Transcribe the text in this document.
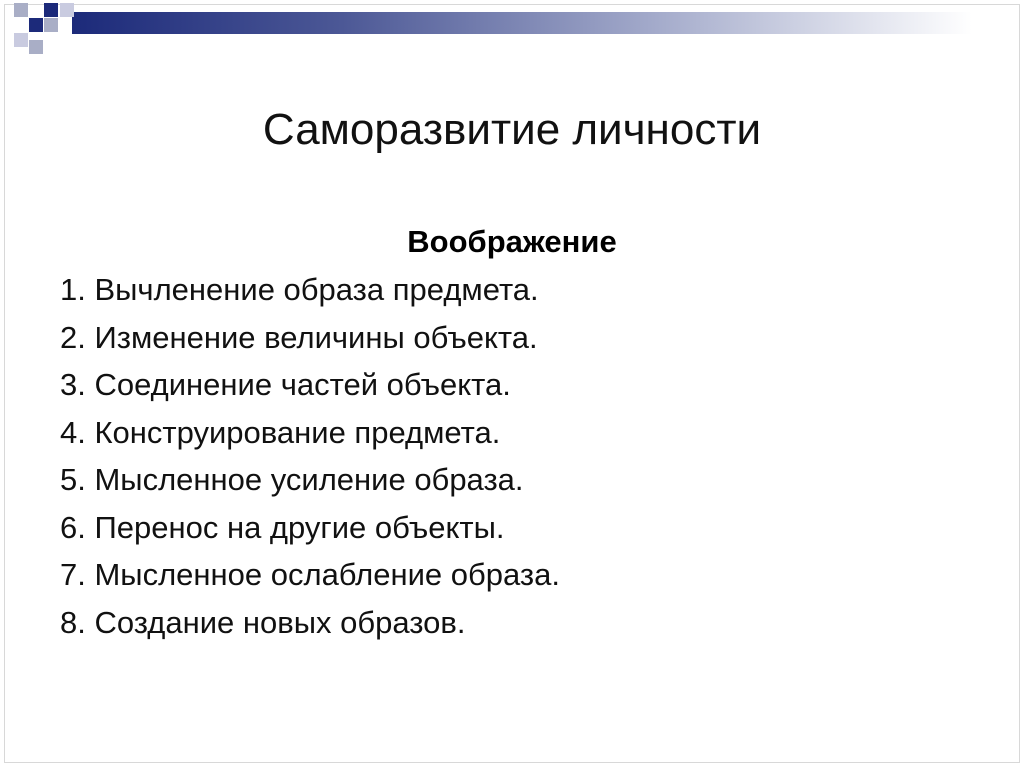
Саморазвитие личности
Воображение
1. Вычленение образа предмета.
2. Изменение величины объекта.
3. Соединение частей объекта.
4. Конструирование предмета.
5. Мысленное усиление образа.
6. Перенос на другие объекты.
7. Мысленное ослабление образа.
8. Создание новых образов.
